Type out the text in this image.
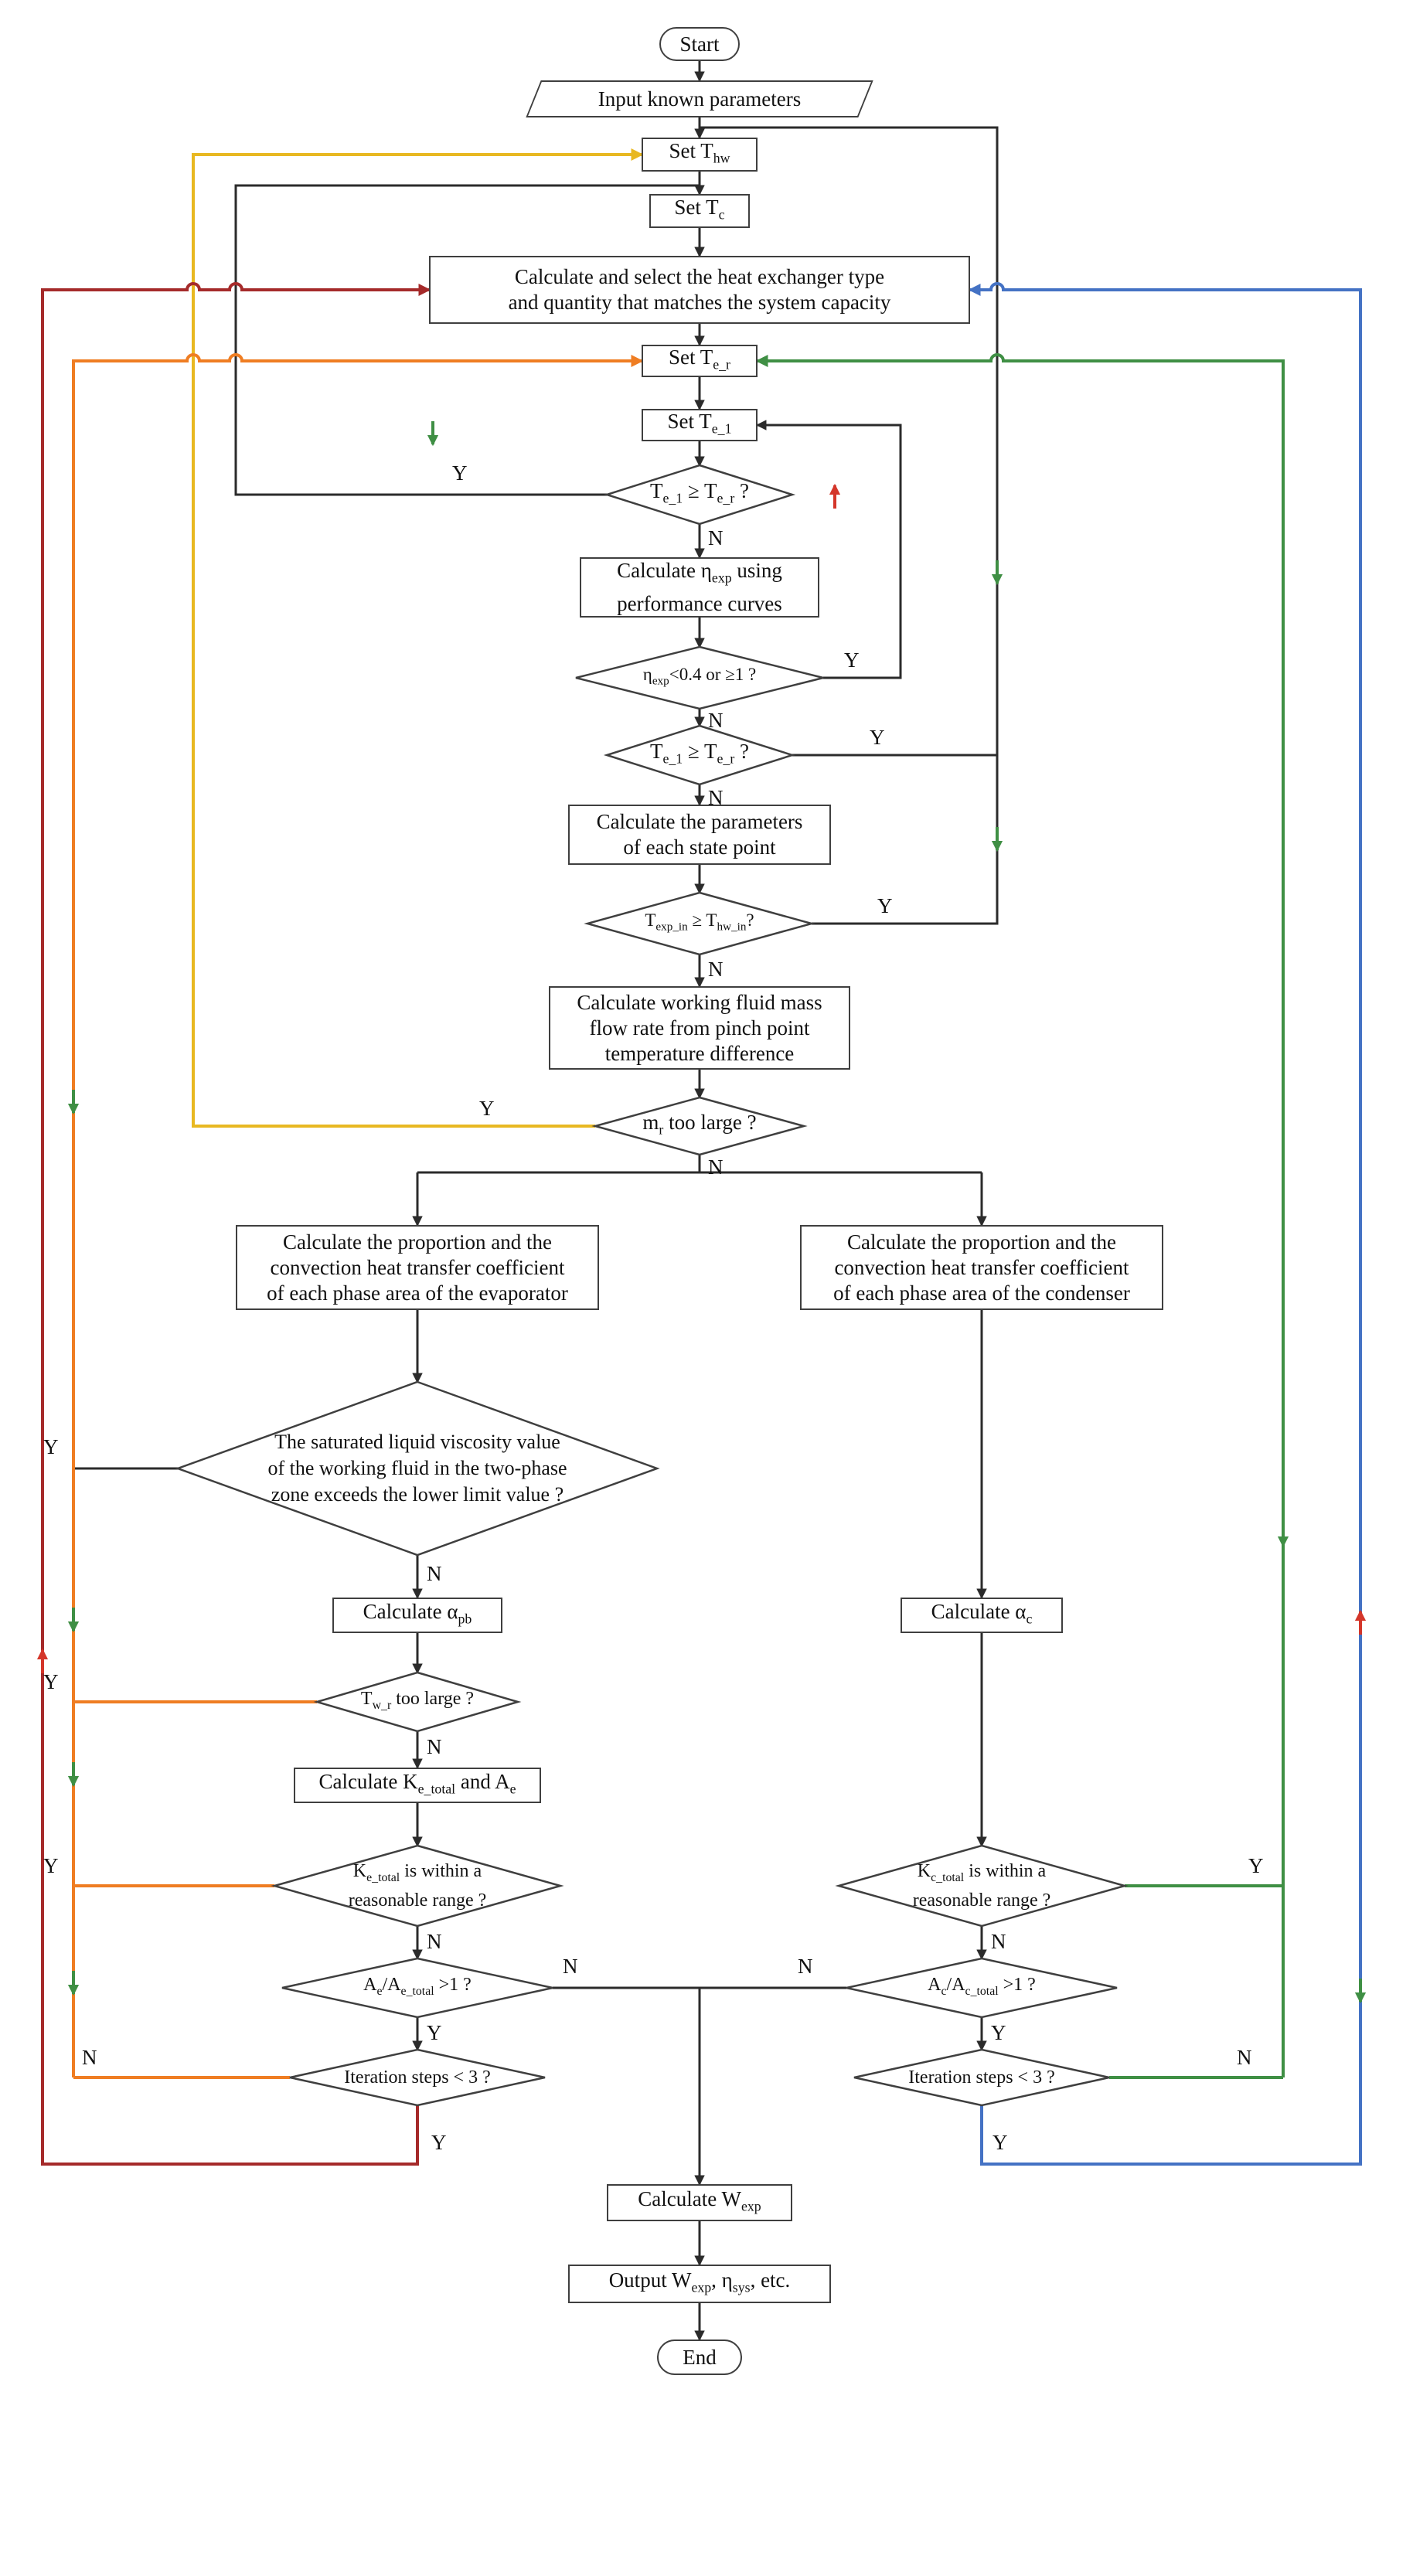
Start
Input known parameters
Set $T_{hw}$
Set $T_c$
Calculate and select the heat exchanger type
and quantity that matches the system capacity
Set $T_{e\_r}$
Set $T_{e\_1}$
$T_{e\_1} \ge T_{e\_r}$ ?
Calculate $\eta_{exp}$ using
performance curves
$\eta_{exp}<0.4$ or ≥1 ?
$T_{e\_1} \ge T_{e\_r}$ ?
Calculate the parameters
of each state point
$T_{exp\_in} \ge T_{hw\_in}$?
Calculate working fluid mass
flow rate from pinch point
temperature difference
$m_r$ too large ?
Calculate the proportion and the
convection heat transfer coefficient
of each phase area of the evaporator
Calculate the proportion and the
convection heat transfer coefficient
of each phase area of the condenser
The saturated liquid viscosity value
of the working fluid in the two-phase
zone exceeds the lower limit value ?
Calculate $\alpha_{pb}$
$T_{w\_r}$ too large ?
Calculate $K_{e\_total}$ and $A_e$
$K_{e\_total}$ is within a
reasonable range ?
$A_e/A_{e\_total} >1$ ?
Iteration steps < 3 ?
Calculate $\alpha_c$
$K_{c\_total}$ is within a
reasonable range ?
$A_c/A_{c\_total} >1$ ?
Iteration steps < 3 ?
Calculate $W_{exp}$
Output $W_{exp}$, $\eta_{sys}$, etc.
End
Y
N
Y
N
Y
N
Y
N
Y
N
Y
N
Y
N
Y
N
N
Y
N
Y
Y
N
N
Y
N
Y
